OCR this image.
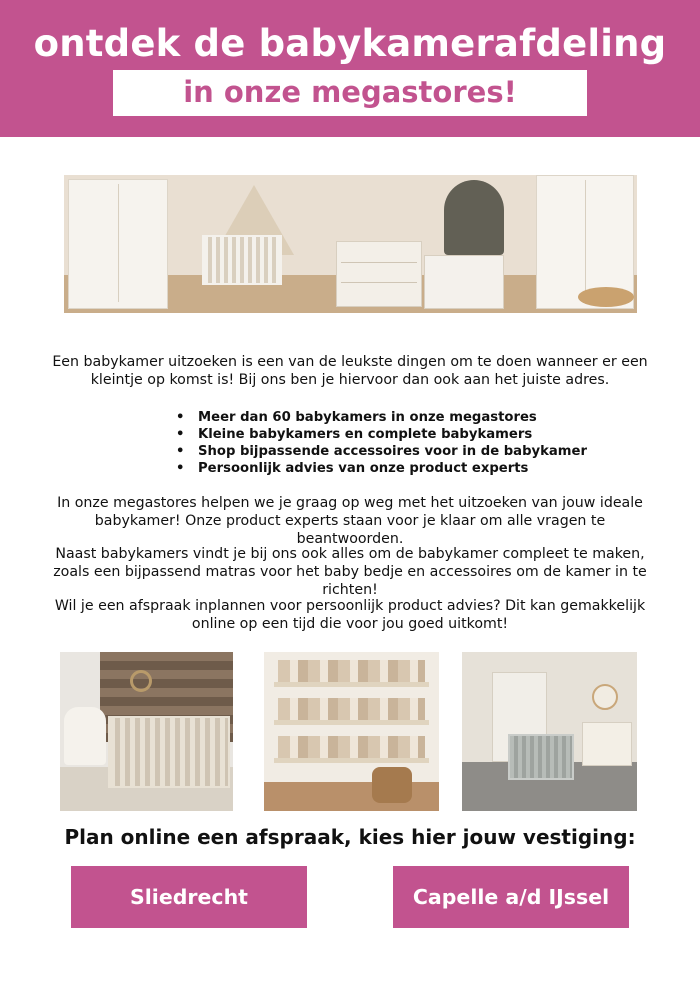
ontdek de babykamerafdeling
in onze megastores!

Een babykamer uitzoeken is een van de leukste dingen om te doen wanneer er een kleintje op komst is! Bij ons ben je hiervoor dan ook aan het juiste adres.

• Meer dan 60 babykamers in onze megastores
• Kleine babykamers en complete babykamers
• Shop bijpassende accessoires voor in de babykamer
• Persoonlijk advies van onze product experts

In onze megastores helpen we je graag op weg met het uitzoeken van jouw ideale babykamer! Onze product experts staan voor je klaar om alle vragen te beantwoorden.

Naast babykamers vindt je bij ons ook alles om de babykamer compleet te maken, zoals een bijpassend matras voor het baby bedje en accessoires om de kamer in te richten!

Wil je een afspraak inplannen voor persoonlijk product advies? Dit kan gemakkelijk online op een tijd die voor jou goed uitkomt!

Plan online een afspraak, kies hier jouw vestiging:
Sliedrecht	Capelle a/d IJssel
